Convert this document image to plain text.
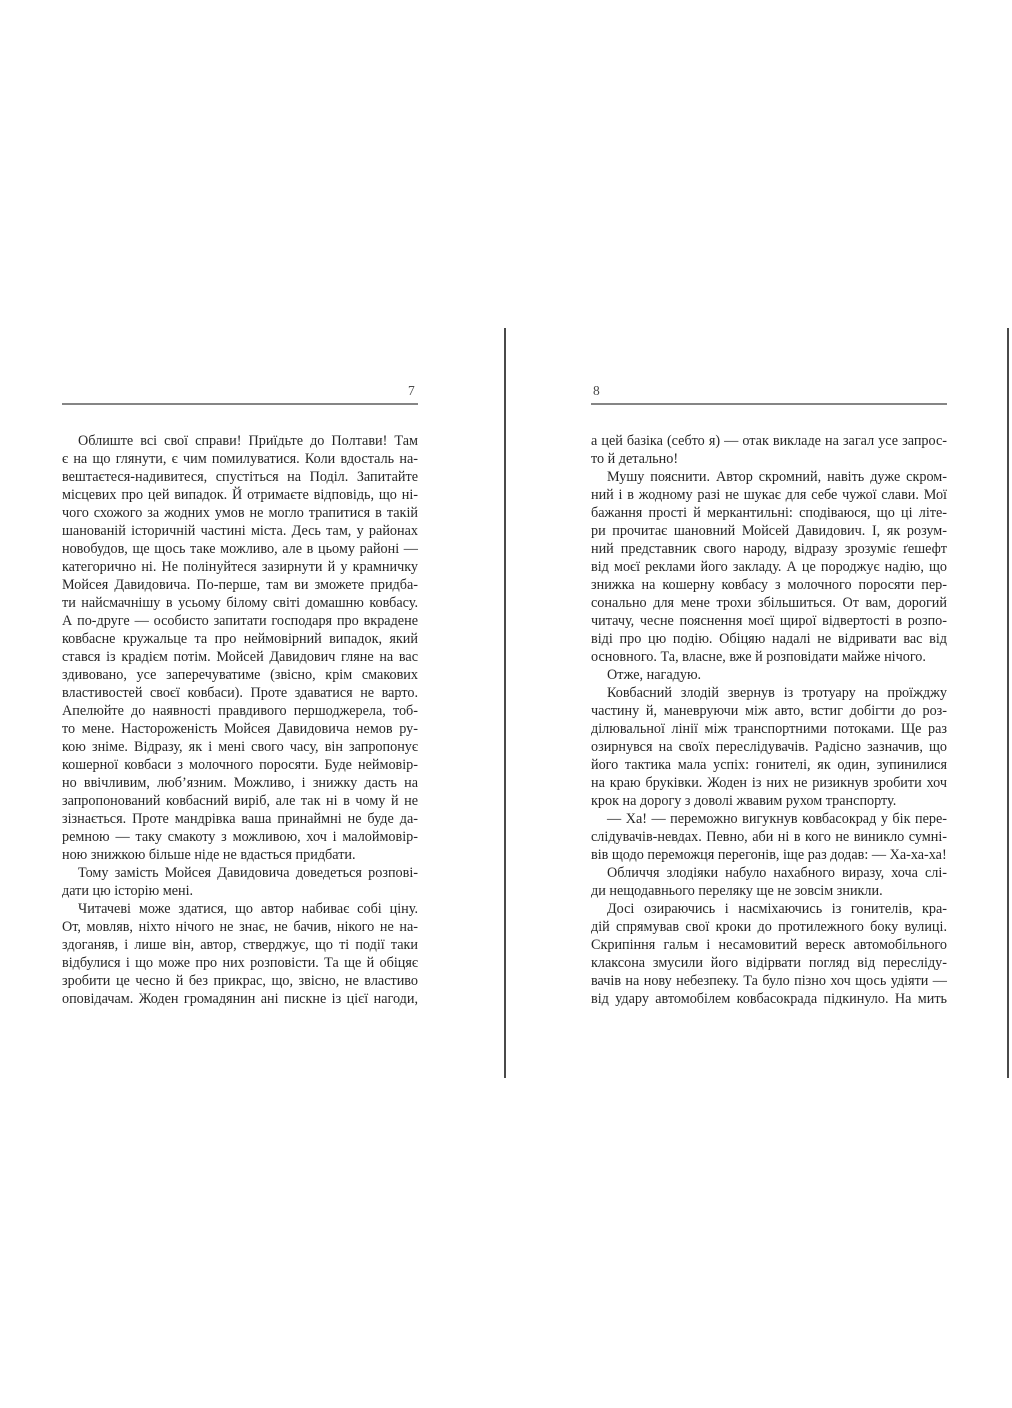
7
Облиште всі свої справи! Приїдьте до Полтави! Там
є на що глянути, є чим помилуватися. Коли вдосталь на-
вештаєтеся-надивитеся, спустіться на Поділ. Запитайте
місцевих про цей випадок. Й отримаєте відповідь, що ні-
чого схожого за жодних умов не могло трапитися в такій
шанованій історичній частині міста. Десь там, у районах
новобудов, ще щось таке можливо, але в цьому районі —
категорично ні. Не полінуйтеся зазирнути й у крамничку
Мойсея Давидовича. По-перше, там ви зможете придба-
ти найсмачнішу в усьому білому світі домашню ковбасу.
А по-друге — особисто запитати господаря про вкрадене
ковбасне кружальце та про неймовірний випадок, який
стався із крадієм потім. Мойсей Давидович гляне на вас
здивовано, усе заперечуватиме (звісно, крім смакових
властивостей своєї ковбаси). Проте здаватися не варто.
Апелюйте до наявності правдивого першоджерела, тоб-
то мене. Настороженість Мойсея Давидовича немов ру-
кою зніме. Відразу, як і мені свого часу, він запропонує
кошерної ковбаси з молочного поросяти. Буде неймовір-
но ввічливим, люб’язним. Можливо, і знижку дасть на
запропонований ковбасний виріб, але так ні в чому й не
зізнається. Проте мандрівка ваша принаймні не буде да-
ремною — таку смакоту з можливою, хоч і малоймовір-
ною знижкою більше ніде не вдасться придбати.
Тому замість Мойсея Давидовича доведеться розпові-
дати цю історію мені.
Читачеві може здатися, що автор набиває собі ціну.
От, мовляв, ніхто нічого не знає, не бачив, нікого не на-
здоганяв, і лише він, автор, стверджує, що ті події таки
відбулися і що може про них розповісти. Та ще й обіцяє
зробити це чесно й без прикрас, що, звісно, не властиво
оповідачам. Жоден громадянин ані пискне із цієї нагоди,
8
а цей базіка (себто я) — отак викладе на загал усе запрос-
то й детально!
Мушу пояснити. Автор скромний, навіть дуже скром-
ний і в жодному разі не шукає для себе чужої слави. Мої
бажання прості й меркантильні: сподіваюся, що ці літе-
ри прочитає шановний Мойсей Давидович. І, як розум-
ний представник свого народу, відразу зрозуміє ґешефт
від моєї реклами його закладу. А це породжує надію, що
знижка на кошерну ковбасу з молочного поросяти пер-
сонально для мене трохи збільшиться. От вам, дорогий
читачу, чесне пояснення моєї щирої відвертості в розпо-
віді про цю подію. Обіцяю надалі не відривати вас від
основного. Та, власне, вже й розповідати майже нічого.
Отже, нагадую.
Ковбасний злодій звернув із тротуару на проїжджу
частину й, маневруючи між авто, встиг добігти до роз-
ділювальної лінії між транспортними потоками. Ще раз
озирнувся на своїх переслідувачів. Радісно зазначив, що
його тактика мала успіх: гонителі, як один, зупинилися
на краю бруківки. Жоден із них не ризикнув зробити хоч
крок на дорогу з доволі жвавим рухом транспорту.
— Ха! — переможно вигукнув ковбасокрад у бік пере-
слідувачів-невдах. Певно, аби ні в кого не виникло сумні-
вів щодо переможця перегонів, іще раз додав: — Ха-ха-ха!
Обличчя злодіяки набуло нахабного виразу, хоча слі-
ди нещодавнього переляку ще не зовсім зникли.
Досі озираючись і насміхаючись із гонителів, кра-
дій спрямував свої кроки до протилежного боку вулиці.
Скрипіння гальм і несамовитий вереск автомобільного
клаксона змусили його відірвати погляд від пересліду-
вачів на нову небезпеку. Та було пізно хоч щось удіяти —
від удару автомобілем ковбасокрада підкинуло. На мить
